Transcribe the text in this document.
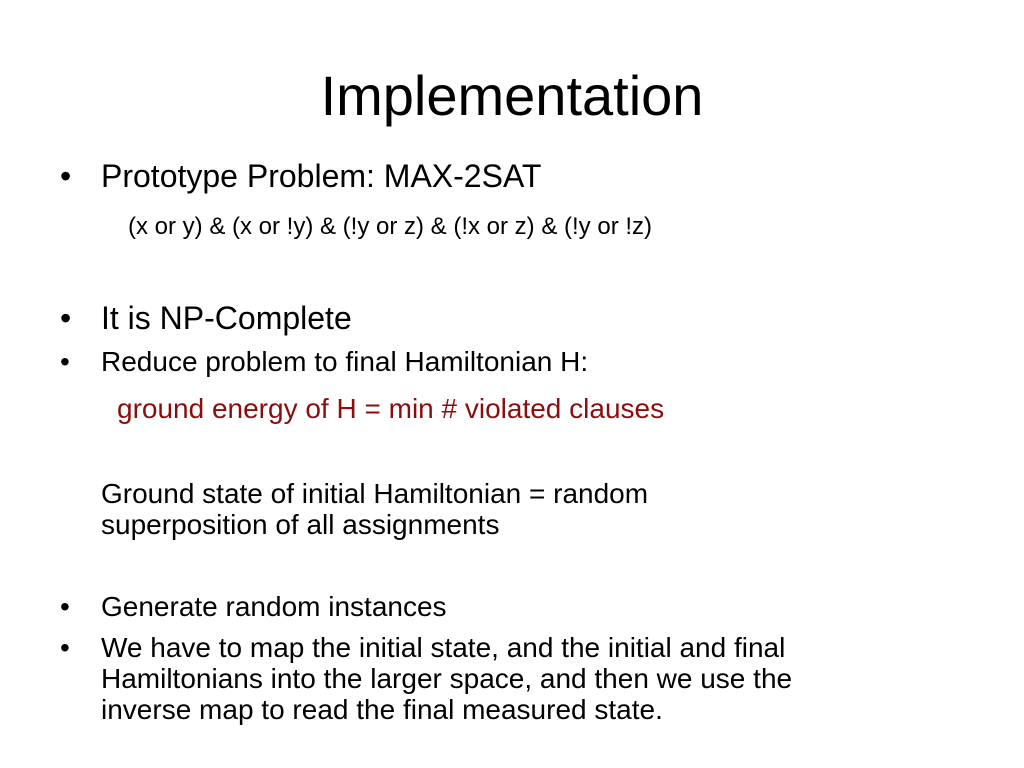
Implementation
• Prototype Problem: MAX-2SAT
(x or y) & (x or !y) & (!y or z) & (!x or z) & (!y or !z)
• It is NP-Complete
•	Reduce problem to final Hamiltonian H:
ground energy of H = min # violated clauses
Ground state of initial Hamiltonian = random
superposition of all assignments
•	Generate random instances
•	We have to map the initial state, and the initial and final
Hamiltonians into the larger space, and then we use the
inverse map to read the final measured state.
